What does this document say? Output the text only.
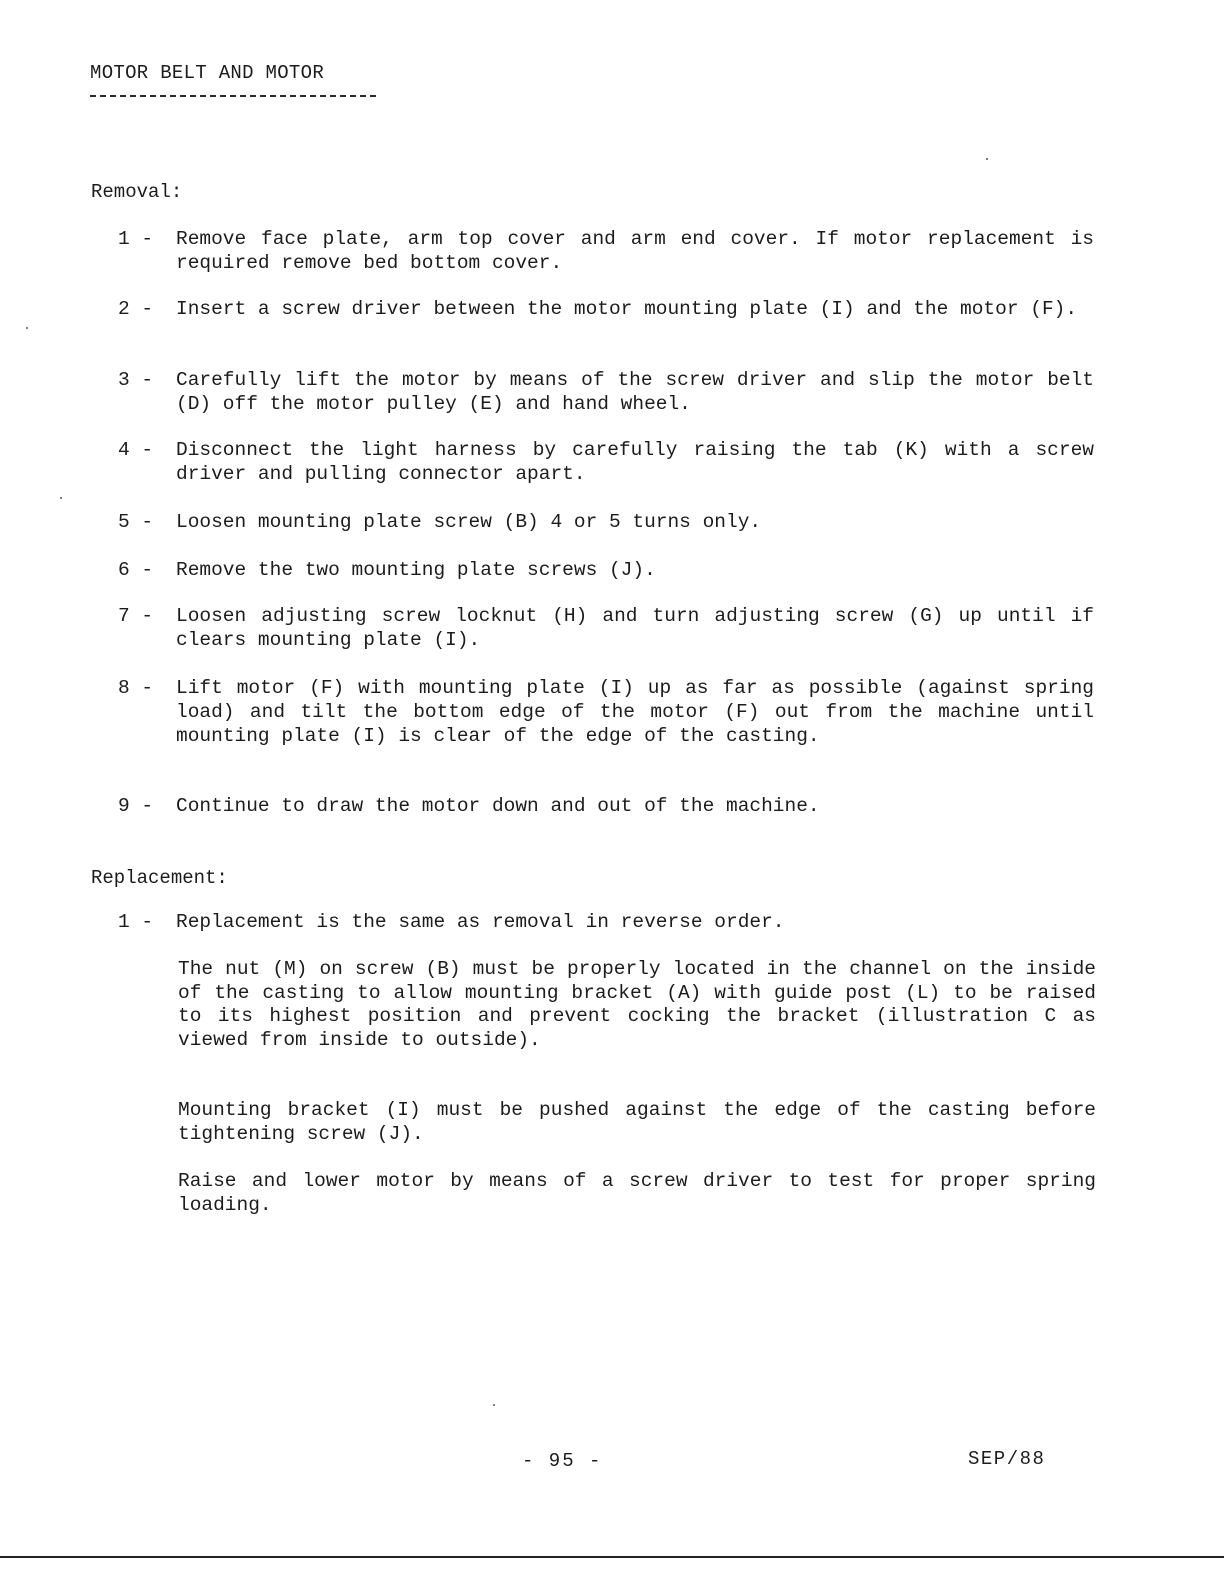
MOTOR BELT AND MOTOR
Removal:
1 -	Remove face plate, arm top cover and arm end cover. If motor replacement is required remove bed bottom cover.
2 -	Insert a screw driver between the motor mounting plate (I) and the motor (F).
3 -	Carefully lift the motor by means of the screw driver and slip the motor belt (D) off the motor pulley (E) and hand wheel.
4 -	Disconnect the light harness by carefully raising the tab (K) with a screw driver and pulling connector apart.
5 -	Loosen mounting plate screw (B) 4 or 5 turns only.
6 -	Remove the two mounting plate screws (J).
7 -	Loosen adjusting screw locknut (H) and turn adjusting screw (G) up until if clears mounting plate (I).
8 -	Lift motor (F) with mounting plate (I) up as far as possible (against spring load) and tilt the bottom edge of the motor (F) out from the machine until mounting plate (I) is clear of the edge of the casting.
9 -	Continue to draw the motor down and out of the machine.
Replacement:
1 -	Replacement is the same as removal in reverse order.
The nut (M) on screw (B) must be properly located in the channel on the inside of the casting to allow mounting bracket (A) with guide post (L) to be raised to its highest position and prevent cocking the bracket (illustration C as viewed from inside to outside).
Mounting bracket (I) must be pushed against the edge of the casting before tightening screw (J).
Raise and lower motor by means of a screw driver to test for proper spring loading.
- 95 -	SEP/88
